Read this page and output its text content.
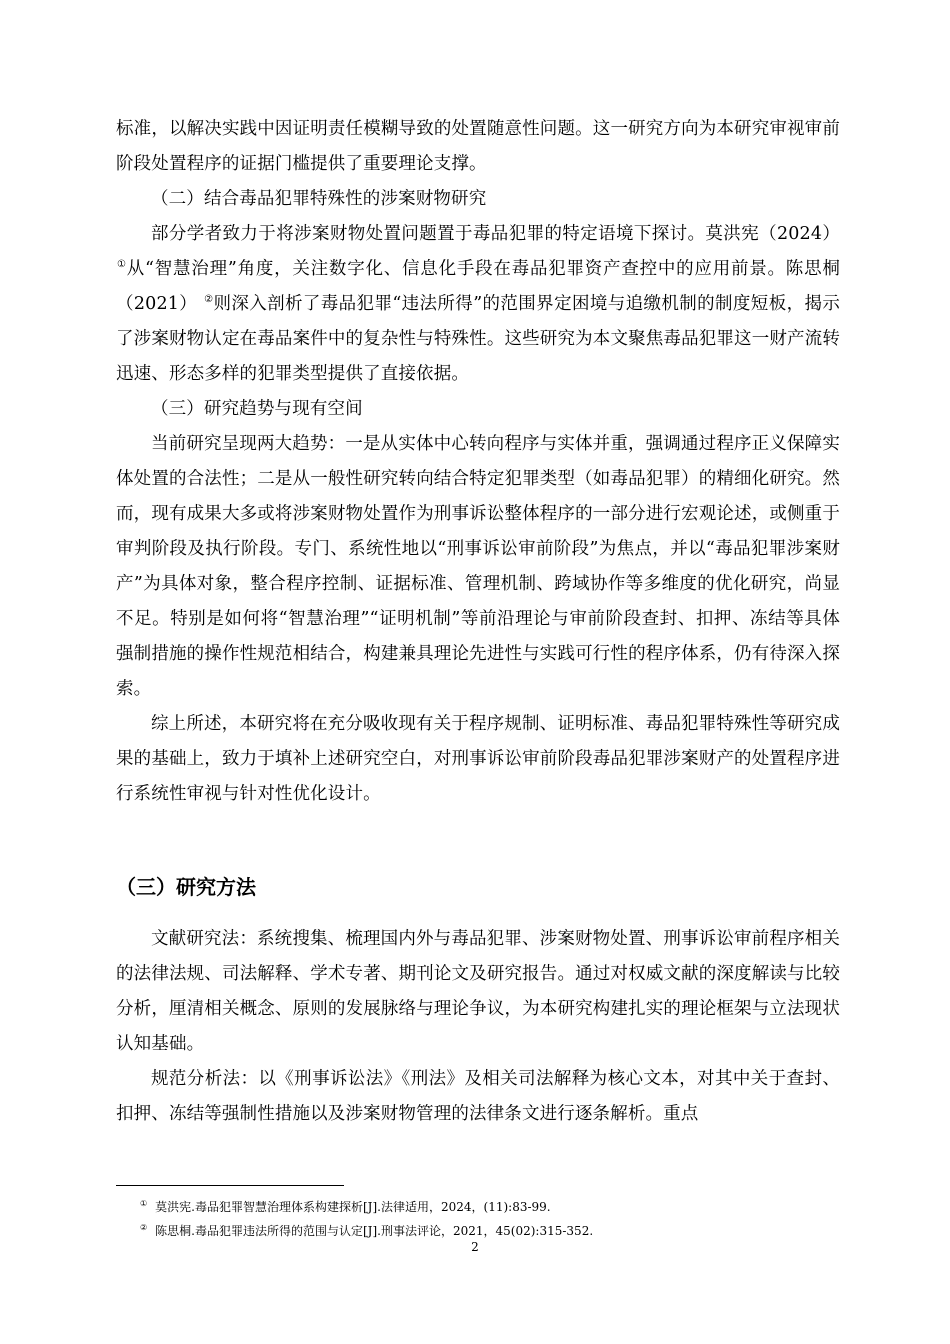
标准，以解决实践中因证明责任模糊导致的处置随意性问题。这一研究方向为本研究审视审前阶段处置程序的证据门槛提供了重要理论支撑。

（二）结合毒品犯罪特殊性的涉案财物研究

部分学者致力于将涉案财物处置问题置于毒品犯罪的特定语境下探讨。莫洪宪（2024）①从“智慧治理”角度，关注数字化、信息化手段在毒品犯罪资产查控中的应用前景。陈思桐（2021） ②则深入剖析了毒品犯罪“违法所得”的范围界定困境与追缴机制的制度短板，揭示了涉案财物认定在毒品案件中的复杂性与特殊性。这些研究为本文聚焦毒品犯罪这一财产流转迅速、形态多样的犯罪类型提供了直接依据。

（三）研究趋势与现有空间

当前研究呈现两大趋势：一是从实体中心转向程序与实体并重，强调通过程序正义保障实体处置的合法性；二是从一般性研究转向结合特定犯罪类型（如毒品犯罪）的精细化研究。然而，现有成果大多或将涉案财物处置作为刑事诉讼整体程序的一部分进行宏观论述，或侧重于审判阶段及执行阶段。专门、系统性地以“刑事诉讼审前阶段”为焦点，并以“毒品犯罪涉案财产”为具体对象，整合程序控制、证据标准、管理机制、跨域协作等多维度的优化研究，尚显不足。特别是如何将“智慧治理”“证明机制”等前沿理论与审前阶段查封、扣押、冻结等具体强制措施的操作性规范相结合，构建兼具理论先进性与实践可行性的程序体系，仍有待深入探索。

综上所述，本研究将在充分吸收现有关于程序规制、证明标准、毒品犯罪特殊性等研究成果的基础上，致力于填补上述研究空白，对刑事诉讼审前阶段毒品犯罪涉案财产的处置程序进行系统性审视与针对性优化设计。

（三）研究方法

文献研究法：系统搜集、梳理国内外与毒品犯罪、涉案财物处置、刑事诉讼审前程序相关的法律法规、司法解释、学术专著、期刊论文及研究报告。通过对权威文献的深度解读与比较分析，厘清相关概念、原则的发展脉络与理论争议，为本研究构建扎实的理论框架与立法现状认知基础。

规范分析法：以《刑事诉讼法》《刑法》及相关司法解释为核心文本，对其中关于查封、扣押、冻结等强制性措施以及涉案财物管理的法律条文进行逐条解析。重点

① 莫洪宪.毒品犯罪智慧治理体系构建探析[J].法律适用，2024，(11):83-99.

② 陈思桐.毒品犯罪违法所得的范围与认定[J].刑事法评论，2021，45(02):315-352.

2
